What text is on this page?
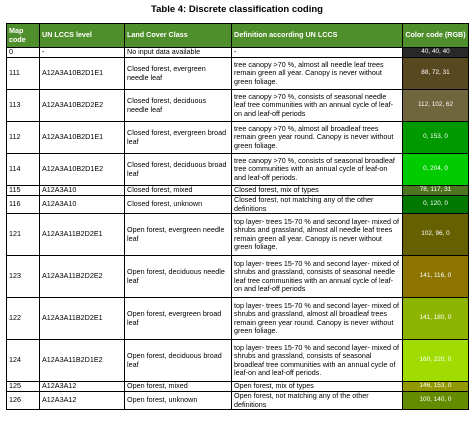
Table 4: Discrete classification coding
Map code	UN LCCS level	Land Cover Class	Definition according UN LCCS	Color code (RGB)
0	-	No input data available	-	40, 40, 40
111	A12A3A10B2D1E1	Closed forest, evergreen needle leaf	tree canopy >70 %, almost all needle leaf trees remain green all year. Canopy is never without green foliage.	88, 72, 31
113	A12A3A10B2D2E2	Closed forest, deciduous needle leaf	tree canopy >70 %, consists of seasonal needle leaf tree communities with an annual cycle of leaf-on and leaf-off periods	112, 102, 62
112	A12A3A10B2D1E1	Closed forest, evergreen broad leaf	tree canopy >70 %, almost all broadleaf trees remain green year round. Canopy is never without green foliage.	0, 153, 0
114	A12A3A10B2D1E2	Closed forest, deciduous broad leaf	tree canopy >70 %, consists of seasonal broadleaf tree communities with an annual cycle of leaf-on and leaf-off periods.	0, 204, 0
115	A12A3A10	Closed forest, mixed	Closed forest, mix of types	78, 117, 31
116	A12A3A10	Closed forest, unknown	Closed forest, not matching any of the other definitions	0, 120, 0
121	A12A3A11B2D2E1	Open forest, evergreen needle leaf	top layer- trees 15-70 % and second layer- mixed of shrubs and grassland, almost all needle leaf trees remain green all year. Canopy is never without green foliage.	102, 96, 0
123	A12A3A11B2D2E2	Open forest, deciduous needle leaf	top layer- trees 15-70 % and second layer- mixed of shrubs and grassland, consists of seasonal needle leaf tree communities with an annual cycle of leaf-on and leaf-off periods	141, 116, 0
122	A12A3A11B2D2E1	Open forest, evergreen broad leaf	top layer- trees 15-70 % and second layer- mixed of shrubs and grassland, almost all broadleaf trees remain green year round. Canopy is never without green foliage.	141, 180, 0
124	A12A3A11B2D1E2	Open forest, deciduous broad leaf	top layer- trees 15-70 % and second layer- mixed of shrubs and grassland, consists of seasonal broadleaf tree communities with an annual cycle of leaf-on and leaf-off periods.	160, 220, 0
125	A12A3A12	Open forest, mixed	Open forest, mix of types	146, 153, 0
126	A12A3A12	Open forest, unknown	Open forest, not matching any of the other definitions	100, 140, 0
